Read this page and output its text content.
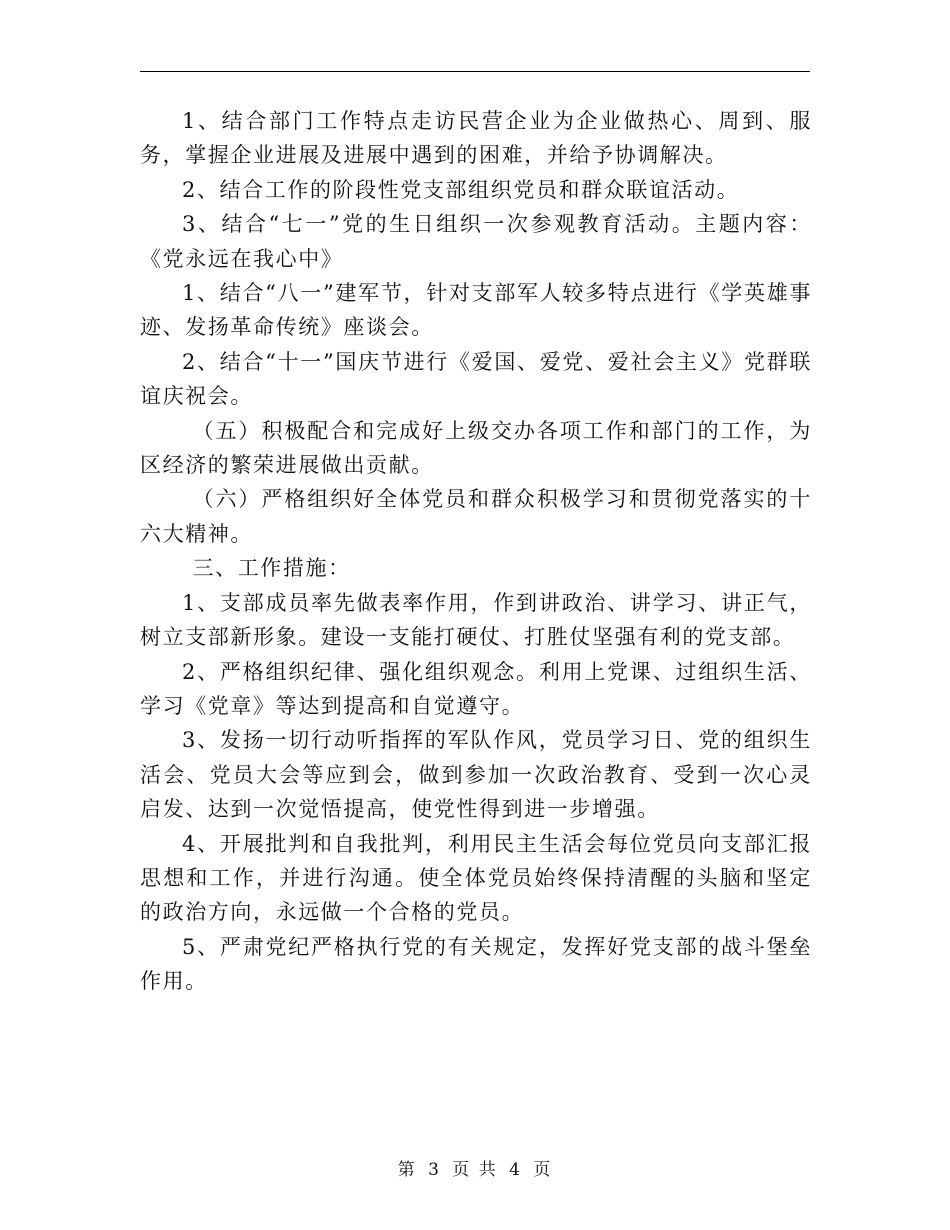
1、结合部门工作特点走访民营企业为企业做热心、周到、服务，掌握企业进展及进展中遇到的困难，并给予协调解决。

2、结合工作的阶段性党支部组织党员和群众联谊活动。

3、结合“七一”党的生日组织一次参观教育活动。主题内容：《党永远在我心中》

1、结合“八一”建军节，针对支部军人较多特点进行《学英雄事迹、发扬革命传统》座谈会。

2、结合“十一”国庆节进行《爱国、爱党、爱社会主义》党群联谊庆祝会。

（五）积极配合和完成好上级交办各项工作和部门的工作，为区经济的繁荣进展做出贡献。

（六）严格组织好全体党员和群众积极学习和贯彻党落实的十六大精神。

三、工作措施：

1、支部成员率先做表率作用，作到讲政治、讲学习、讲正气，树立支部新形象。建设一支能打硬仗、打胜仗坚强有利的党支部。

2、严格组织纪律、强化组织观念。利用上党课、过组织生活、学习《党章》等达到提高和自觉遵守。

3、发扬一切行动听指挥的军队作风，党员学习日、党的组织生活会、党员大会等应到会，做到参加一次政治教育、受到一次心灵启发、达到一次觉悟提高，使党性得到进一步增强。

4、开展批判和自我批判，利用民主生活会每位党员向支部汇报思想和工作，并进行沟通。使全体党员始终保持清醒的头脑和坚定的政治方向，永远做一个合格的党员。

5、严肃党纪严格执行党的有关规定，发挥好党支部的战斗堡垒作用。

第 3 页 共 4 页
